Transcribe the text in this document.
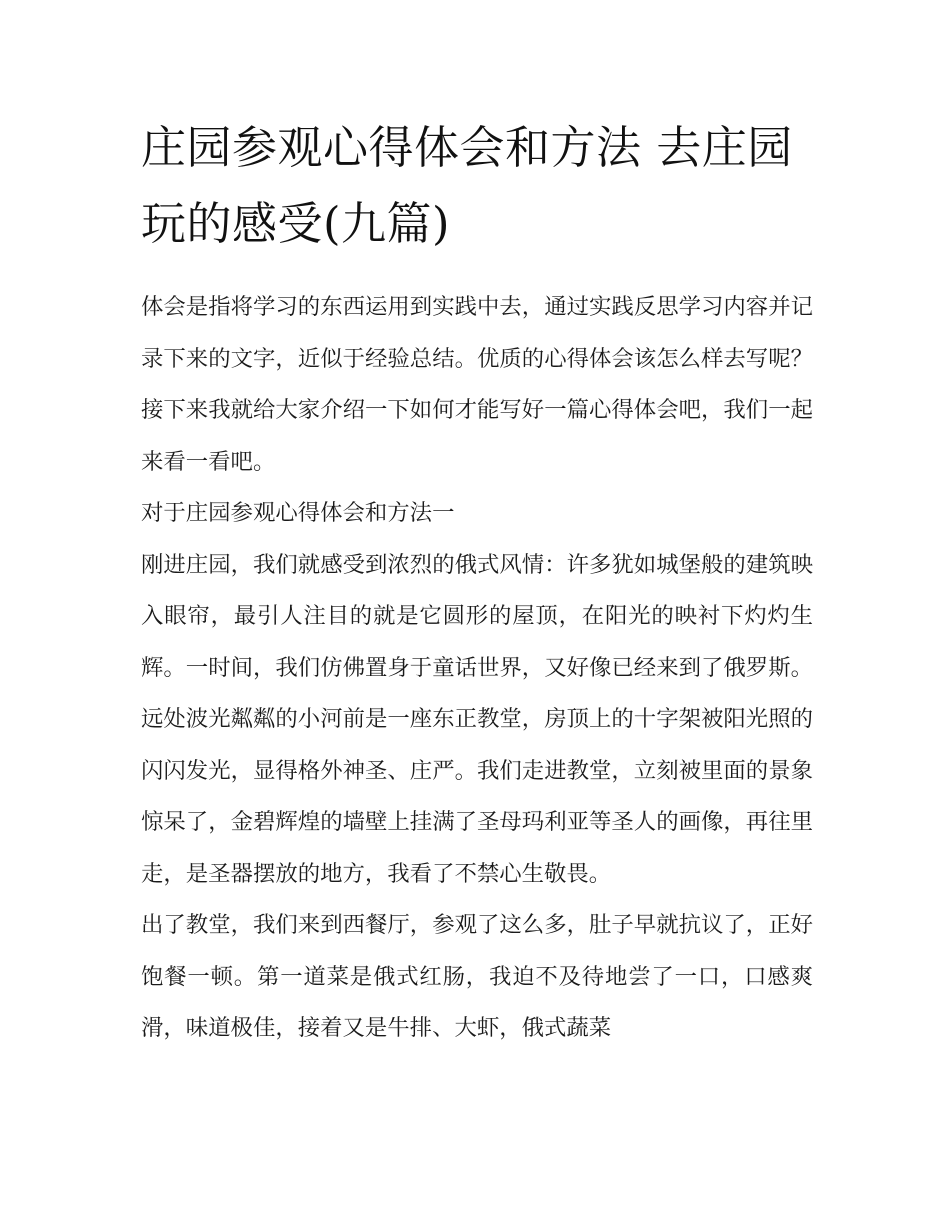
庄园参观心得体会和方法 去庄园玩的感受(九篇)

体会是指将学习的东西运用到实践中去，通过实践反思学习内容并记录下来的文字，近似于经验总结。优质的心得体会该怎么样去写呢？接下来我就给大家介绍一下如何才能写好一篇心得体会吧，我们一起来看一看吧。

对于庄园参观心得体会和方法一

刚进庄园，我们就感受到浓烈的俄式风情：许多犹如城堡般的建筑映入眼帘，最引人注目的就是它圆形的屋顶，在阳光的映衬下灼灼生辉。一时间，我们仿佛置身于童话世界，又好像已经来到了俄罗斯。远处波光粼粼的小河前是一座东正教堂，房顶上的十字架被阳光照的闪闪发光，显得格外神圣、庄严。我们走进教堂，立刻被里面的景象惊呆了，金碧辉煌的墙壁上挂满了圣母玛利亚等圣人的画像，再往里走，是圣器摆放的地方，我看了不禁心生敬畏。

出了教堂，我们来到西餐厅，参观了这么多，肚子早就抗议了，正好饱餐一顿。第一道菜是俄式红肠，我迫不及待地尝了一口，口感爽滑，味道极佳，接着又是牛排、大虾，俄式蔬菜
